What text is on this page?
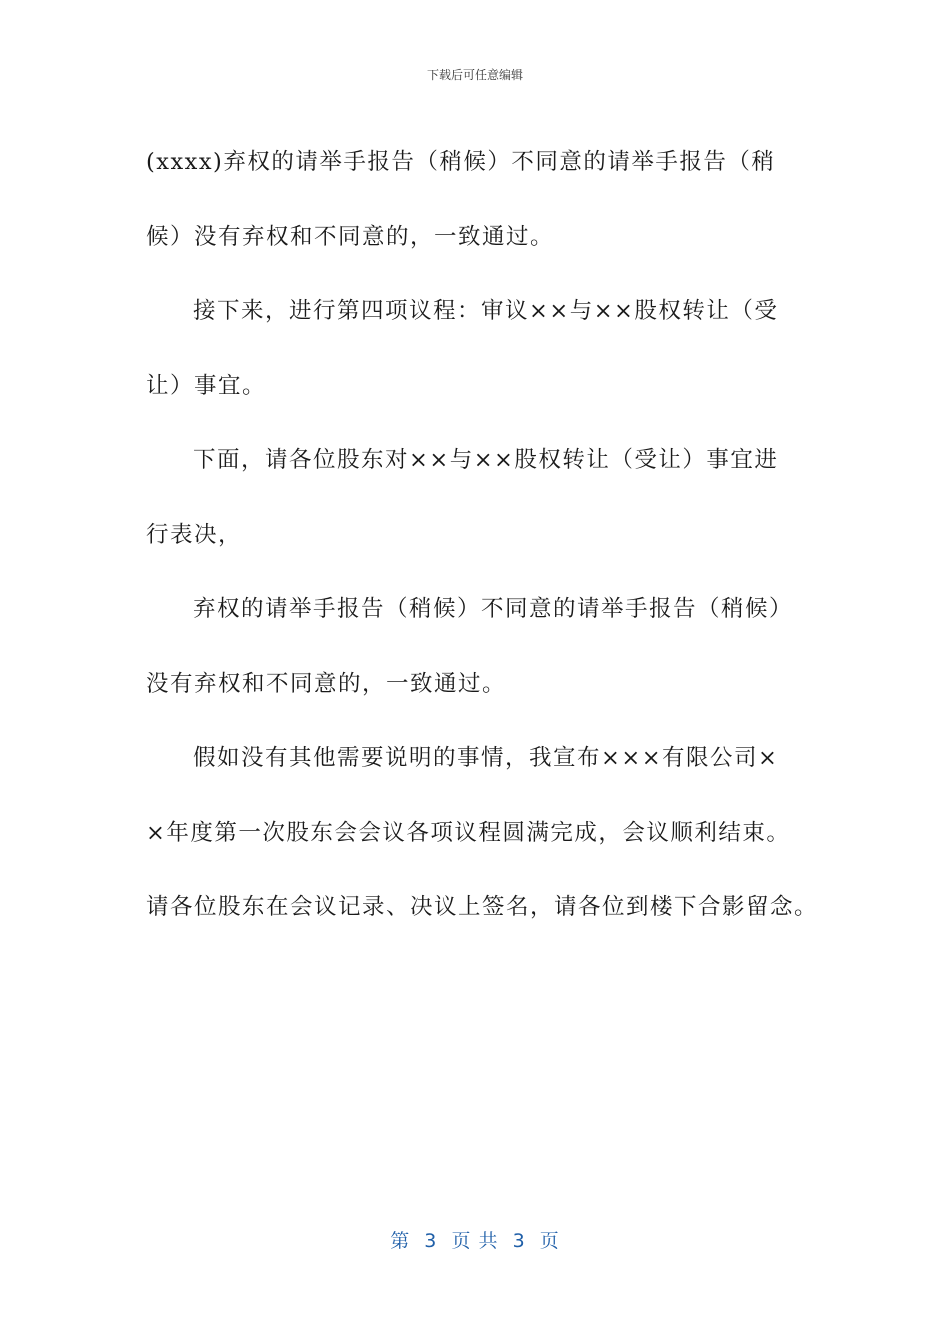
下载后可任意编辑

(xxxx)弃权的请举手报告（稍候）不同意的请举手报告（稍

候）没有弃权和不同意的，一致通过。

接下来，进行第四项议程：审议××与××股权转让（受

让）事宜。

下面，请各位股东对××与××股权转让（受让）事宜进

行表决，

弃权的请举手报告（稍候）不同意的请举手报告（稍候）

没有弃权和不同意的，一致通过。

假如没有其他需要说明的事情，我宣布×××有限公司×

×年度第一次股东会会议各项议程圆满完成，会议顺利结束。

请各位股东在会议记录、决议上签名，请各位到楼下合影留念。

第  3  页 共  3  页
